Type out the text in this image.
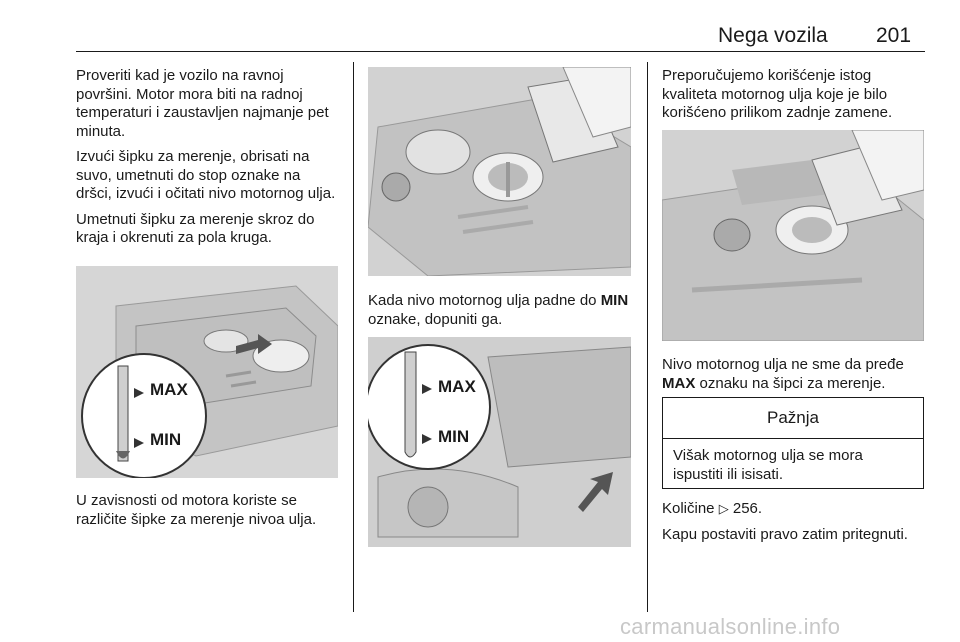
Nega vozila 201

Proveriti kad je vozilo na ravnoj površini. Motor mora biti na radnoj temperaturi i zaustavljen najmanje pet minuta.

Izvući šipku za merenje, obrisati na suvo, umetnuti do stop oznake na dršci, izvući i očitati nivo motornog ulja.

Umetnuti šipku za merenje skroz do kraja i okrenuti za pola kruga.

MAX
MIN

U zavisnosti od motora koriste se različite šipke za merenje nivoa ulja.

Kada nivo motornog ulja padne do MIN oznake, dopuniti ga.

MAX
MIN

Preporučujemo korišćenje istog kvaliteta motornog ulja koje je bilo korišćeno prilikom zadnje zamene.

Nivo motornog ulja ne sme da pređe MAX oznaku na šipci za merenje.

Pažnja
Višak motornog ulja se mora ispustiti ili isisati.

Količine ▷ 256.

Kapu postaviti pravo zatim pritegnuti.

carmanualsonline.info
